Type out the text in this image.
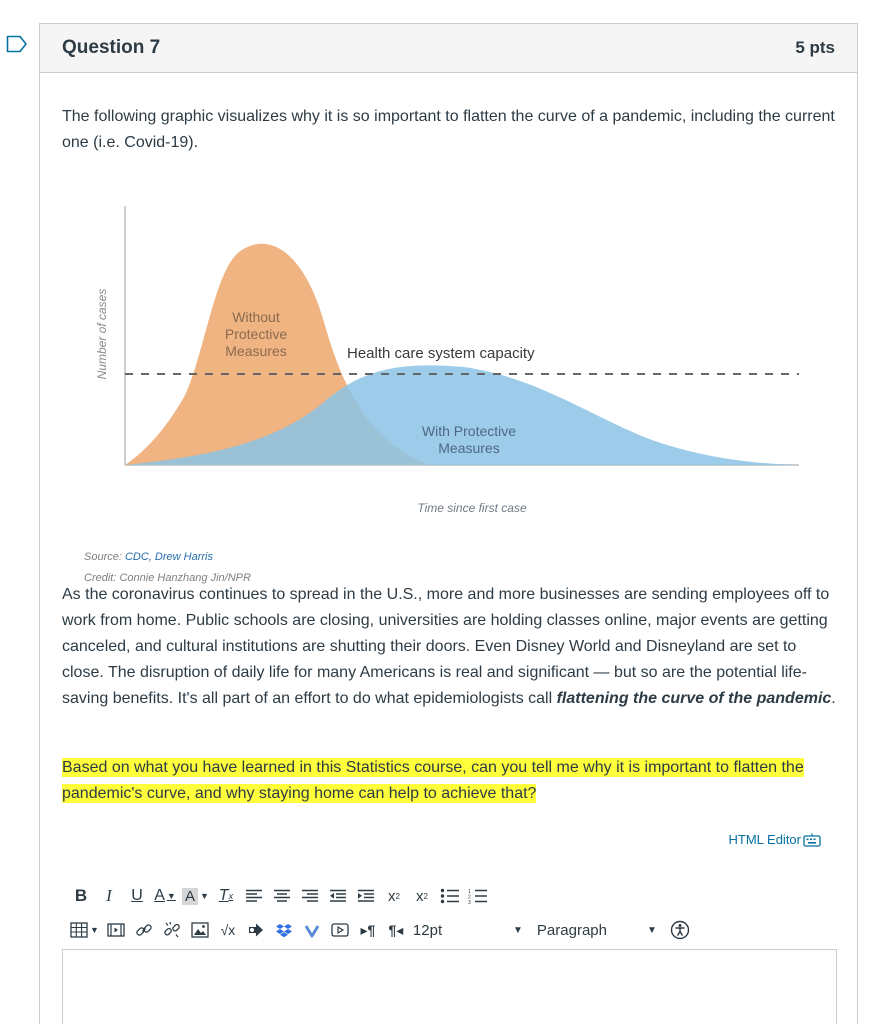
Question 7	5 pts

The following graphic visualizes why it is so important to flatten the curve of a pandemic, including the current one (i.e. Covid-19).

Number of cases
Time since first case
Without
Protective
Measures	Health care system capacity
With Protective
Measures
Source: CDC, Drew Harris
Credit: Connie Hanzhang Jin/NPR

As the coronavirus continues to spread in the U.S., more and more businesses are sending employees off to work from home. Public schools are closing, universities are holding classes online, major events are getting canceled, and cultural institutions are shutting their doors. Even Disney World and Disneyland are set to close. The disruption of daily life for many Americans is real and significant — but so are the potential life-saving benefits. It's all part of an effort to do what epidemiologists call flattening the curve of the pandemic.

Based on what you have learned in this Statistics course, can you tell me why it is important to flatten the pandemic's curve, and why staying home can help to achieve that?

HTML Editor
B	I	U A ▼ A ▼ T x	x 2	x 2	1
2
3
▼	√x	▸¶ ¶◂ 12pt	▼ Paragraph	▼
